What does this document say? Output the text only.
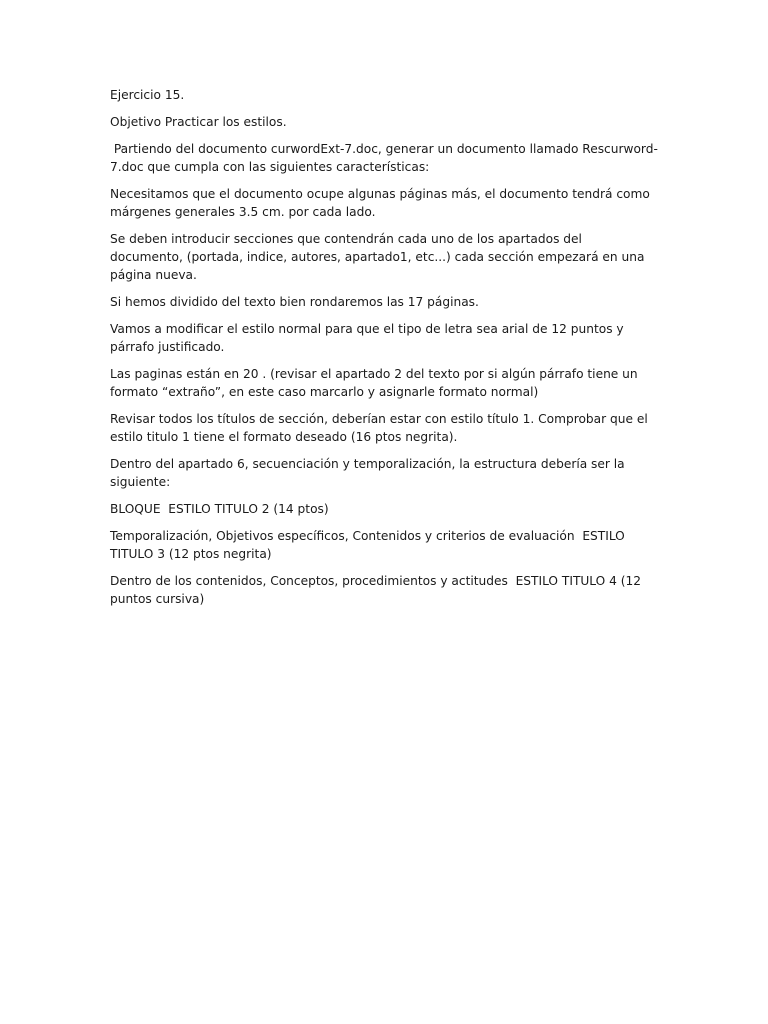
Ejercicio 15.

Objetivo Practicar los estilos.

Partiendo del documento curwordExt-7.doc, generar un documento llamado Rescurword-7.doc que cumpla con las siguientes características:

Necesitamos que el documento ocupe algunas páginas más, el documento tendrá como márgenes generales 3.5 cm. por cada lado.

Se deben introducir secciones que contendrán cada uno de los apartados del documento, (portada, indice, autores, apartado1, etc...) cada sección empezará en una página nueva.

Si hemos dividido del texto bien rondaremos las 17 páginas.

Vamos a modificar el estilo normal para que el tipo de letra sea arial de 12 puntos y párrafo justificado.

Las paginas están en 20 . (revisar el apartado 2 del texto por si algún párrafo tiene un formato “extraño”, en este caso marcarlo y asignarle formato normal)

Revisar todos los títulos de sección, deberían estar con estilo título 1. Comprobar que el estilo titulo 1 tiene el formato deseado (16 ptos negrita).

Dentro del apartado 6, secuenciación y temporalización, la estructura debería ser la siguiente:

BLOQUE  ESTILO TITULO 2 (14 ptos)

Temporalización, Objetivos específicos, Contenidos y criterios de evaluación  ESTILO TITULO 3 (12 ptos negrita)

Dentro de los contenidos, Conceptos, procedimientos y actitudes  ESTILO TITULO 4 (12 puntos cursiva)
